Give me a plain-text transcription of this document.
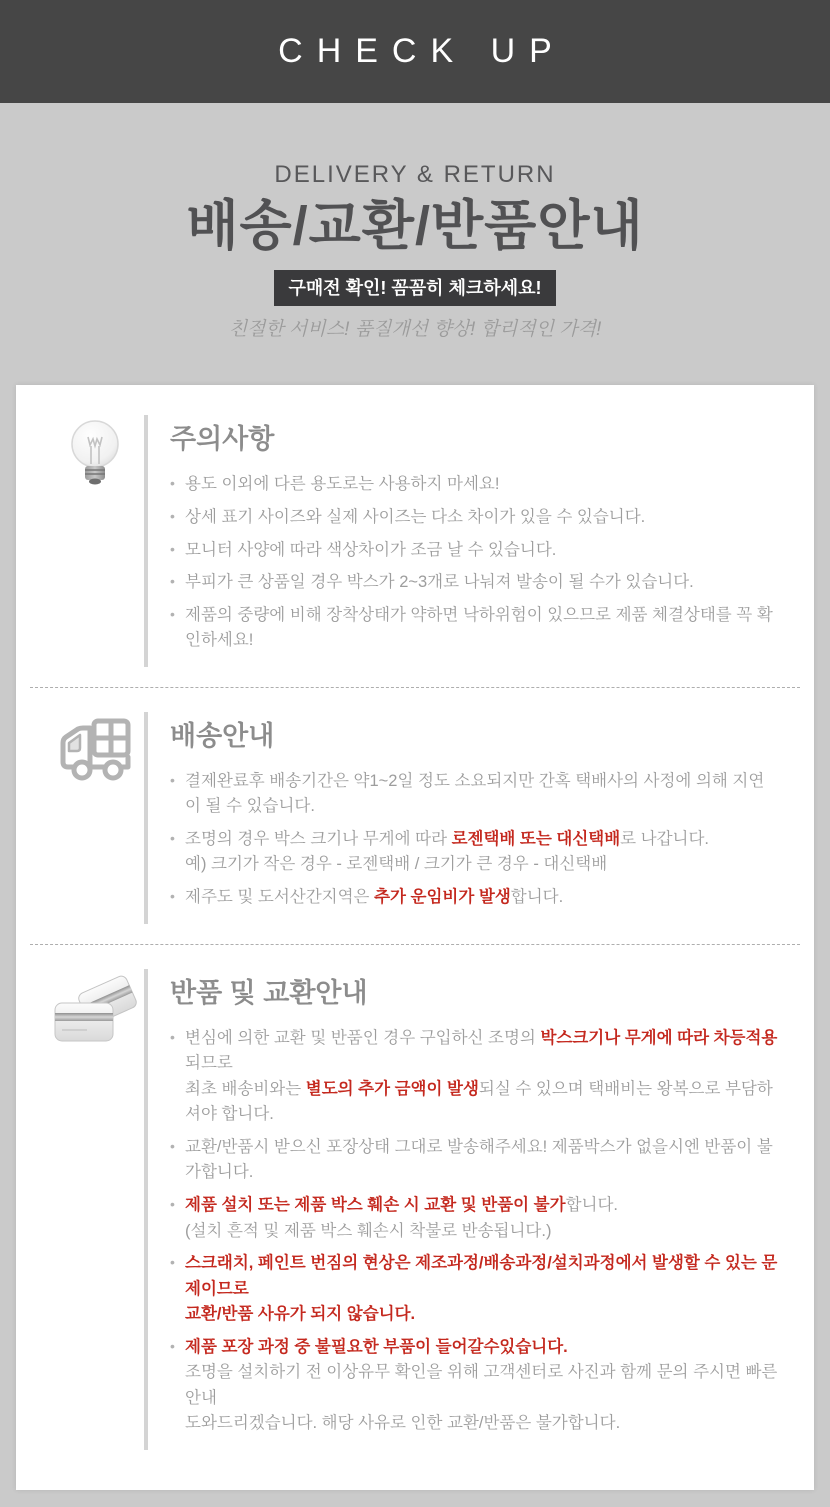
CHECK UP
DELIVERY & RETURN
배송/교환/반품안내
구매전 확인! 꼼꼼히 체크하세요!
친절한 서비스! 품질개선 향상! 합리적인 가격!
주의사항
• 용도 이외에 다른 용도로는 사용하지 마세요!
• 상세 표기 사이즈와 실제 사이즈는 다소 차이가 있을 수 있습니다.
• 모니터 사양에 따라 색상차이가 조금 날 수 있습니다.
• 부피가 큰 상품일 경우 박스가 2~3개로 나눠져 발송이 될 수가 있습니다.
• 제품의 중량에 비해 장착상태가 약하면 낙하위험이 있으므로 제품 체결상태를 꼭 확인하세요!
배송안내
• 결제완료후 배송기간은 약1~2일 정도 소요되지만 간혹 택배사의 사정에 의해 지연이 될 수 있습니다.
• 조명의 경우 박스 크기나 무게에 따라 로젠택배 또는 대신택배로 나갑니다.
예) 크기가 작은 경우 - 로젠택배 / 크기가 큰 경우 - 대신택배
• 제주도 및 도서산간지역은 추가 운임비가 발생합니다.
반품 및 교환안내
• 변심에 의한 교환 및 반품인 경우 구입하신 조명의 박스크기나 무게에 따라 차등적용되므로
최초 배송비와는 별도의 추가 금액이 발생되실 수 있으며 택배비는 왕복으로 부담하셔야 합니다.
• 교환/반품시 받으신 포장상태 그대로 발송해주세요! 제품박스가 없을시엔 반품이 불가합니다.
• 제품 설치 또는 제품 박스 훼손 시 교환 및 반품이 불가합니다.
(설치 흔적 및 제품 박스 훼손시 착불로 반송됩니다.)
• 스크래치, 페인트 번짐의 현상은 제조과정/배송과정/설치과정에서 발생할 수 있는 문제이므로
교환/반품 사유가 되지 않습니다.
• 제품 포장 과정 중 불필요한 부품이 들어갈수있습니다.
조명을 설치하기 전 이상유무 확인을 위해 고객센터로 사진과 함께 문의 주시면 빠른안내
도와드리겠습니다. 해당 사유로 인한 교환/반품은 불가합니다.
